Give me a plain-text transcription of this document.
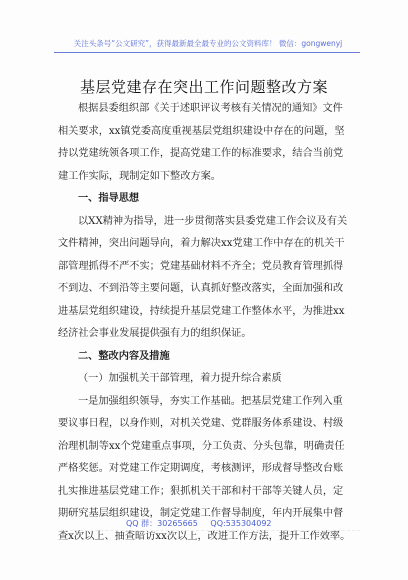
关注头条号“公文研究”，获得最新最全最专业的公文资料库！ 微信：gongwenyj
基层党建存在突出工作问题整改方案

根据县委组织部《关于述职评议考核有关情况的通知》文件

相关要求，xx镇党委高度重视基层党组织建设中存在的问题，坚

持以党建统领各项工作，提高党建工作的标准要求，结合当前党

建工作实际，现制定如下整改方案。

一、指导思想

以XX精神为指导，进一步贯彻落实县委党建工作会议及有关

文件精神，突出问题导向，着力解决xx党建工作中存在的机关干

部管理抓得不严不实；党建基础材料不齐全；党员教育管理抓得

不到边、不到沿等主要问题，认真抓好整改落实，全面加强和改

进基层党组织建设，持续提升基层党建工作整体水平，为推进xx

经济社会事业发展提供强有力的组织保证。

二、整改内容及措施

（一）加强机关干部管理，着力提升综合素质

一是加强组织领导，夯实工作基础。把基层党建工作列入重

要议事日程，以身作则，对机关党建、党群服务体系建设、村级

治理机制等xx个党建重点事项，分工负责、分头包靠，明确责任

严格奖惩。对党建工作定期调度，考核测评，形成督导整改台账

扎实推进基层党建工作；狠抓机关干部和村干部等关键人员，定

期研究基层组织建设，制定党建工作督导制度，年内开展集中督

查x次以上、抽查暗访xx次以上，改进工作方法，提升工作效率。

QQ 群：30265665 QQ:535304092
